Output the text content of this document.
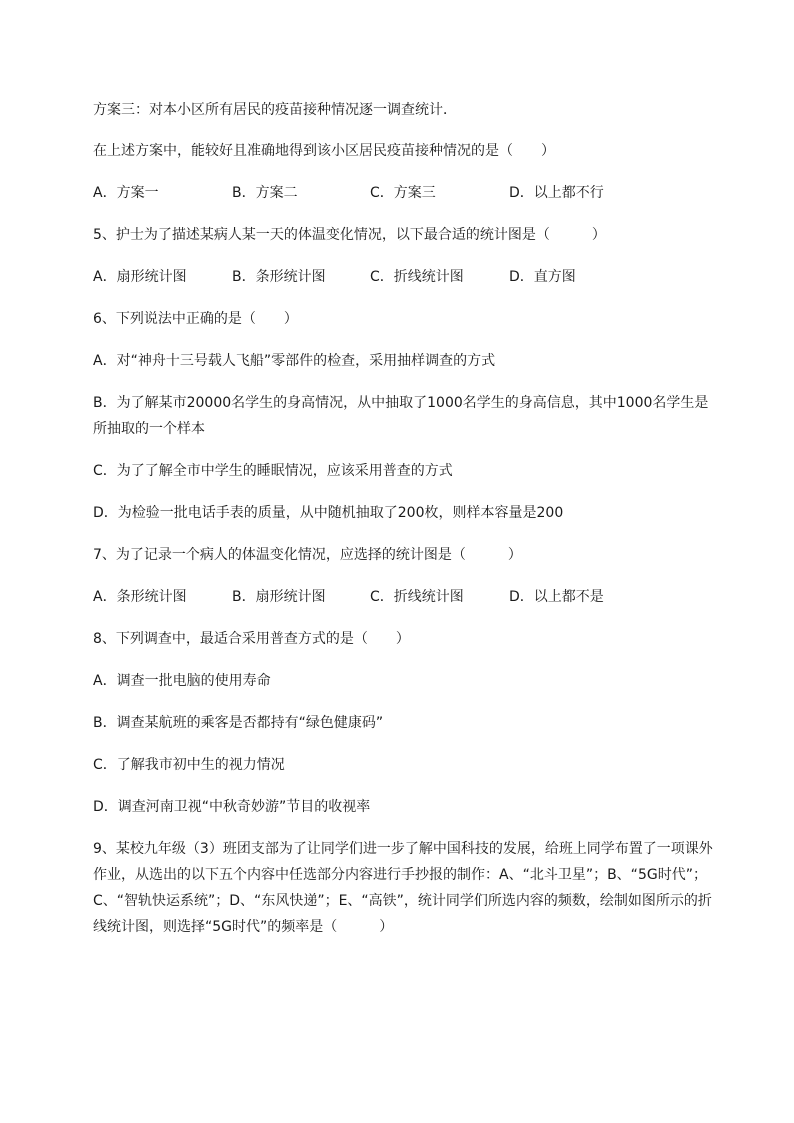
方案三：对本小区所有居民的疫苗接种情况逐一调查统计．
在上述方案中，能较好且准确地得到该小区居民疫苗接种情况的是（　　）
A．方案一	B．方案二	C．方案三	D．以上都不行
5、护士为了描述某病人某一天的体温变化情况，以下最合适的统计图是（　　　）
A．扇形统计图	B．条形统计图	C．折线统计图	D．直方图
6、下列说法中正确的是（　　）
A．对“神舟十三号载人飞船”零部件的检查，采用抽样调查的方式
B．为了解某市20000名学生的身高情况，从中抽取了1000名学生的身高信息，其中1000名学生是所抽取的一个样本
C．为了了解全市中学生的睡眠情况，应该采用普查的方式
D．为检验一批电话手表的质量，从中随机抽取了200枚，则样本容量是200
7、为了记录一个病人的体温变化情况，应选择的统计图是（　　　）
A．条形统计图	B．扇形统计图	C．折线统计图	D．以上都不是
8、下列调查中，最适合采用普查方式的是（　　）
A．调查一批电脑的使用寿命
B．调查某航班的乘客是否都持有“绿色健康码”
C．了解我市初中生的视力情况
D．调查河南卫视“中秋奇妙游”节目的收视率
9、某校九年级（3）班团支部为了让同学们进一步了解中国科技的发展，给班上同学布置了一项课外作业，从选出的以下五个内容中任选部分内容进行手抄报的制作：A、“北斗卫星”；B、“5G时代”；C、“智轨快运系统”；D、“东风快递”；E、“高铁”，统计同学们所选内容的频数，绘制如图所示的折线统计图，则选择“5G时代”的频率是（　　　）
